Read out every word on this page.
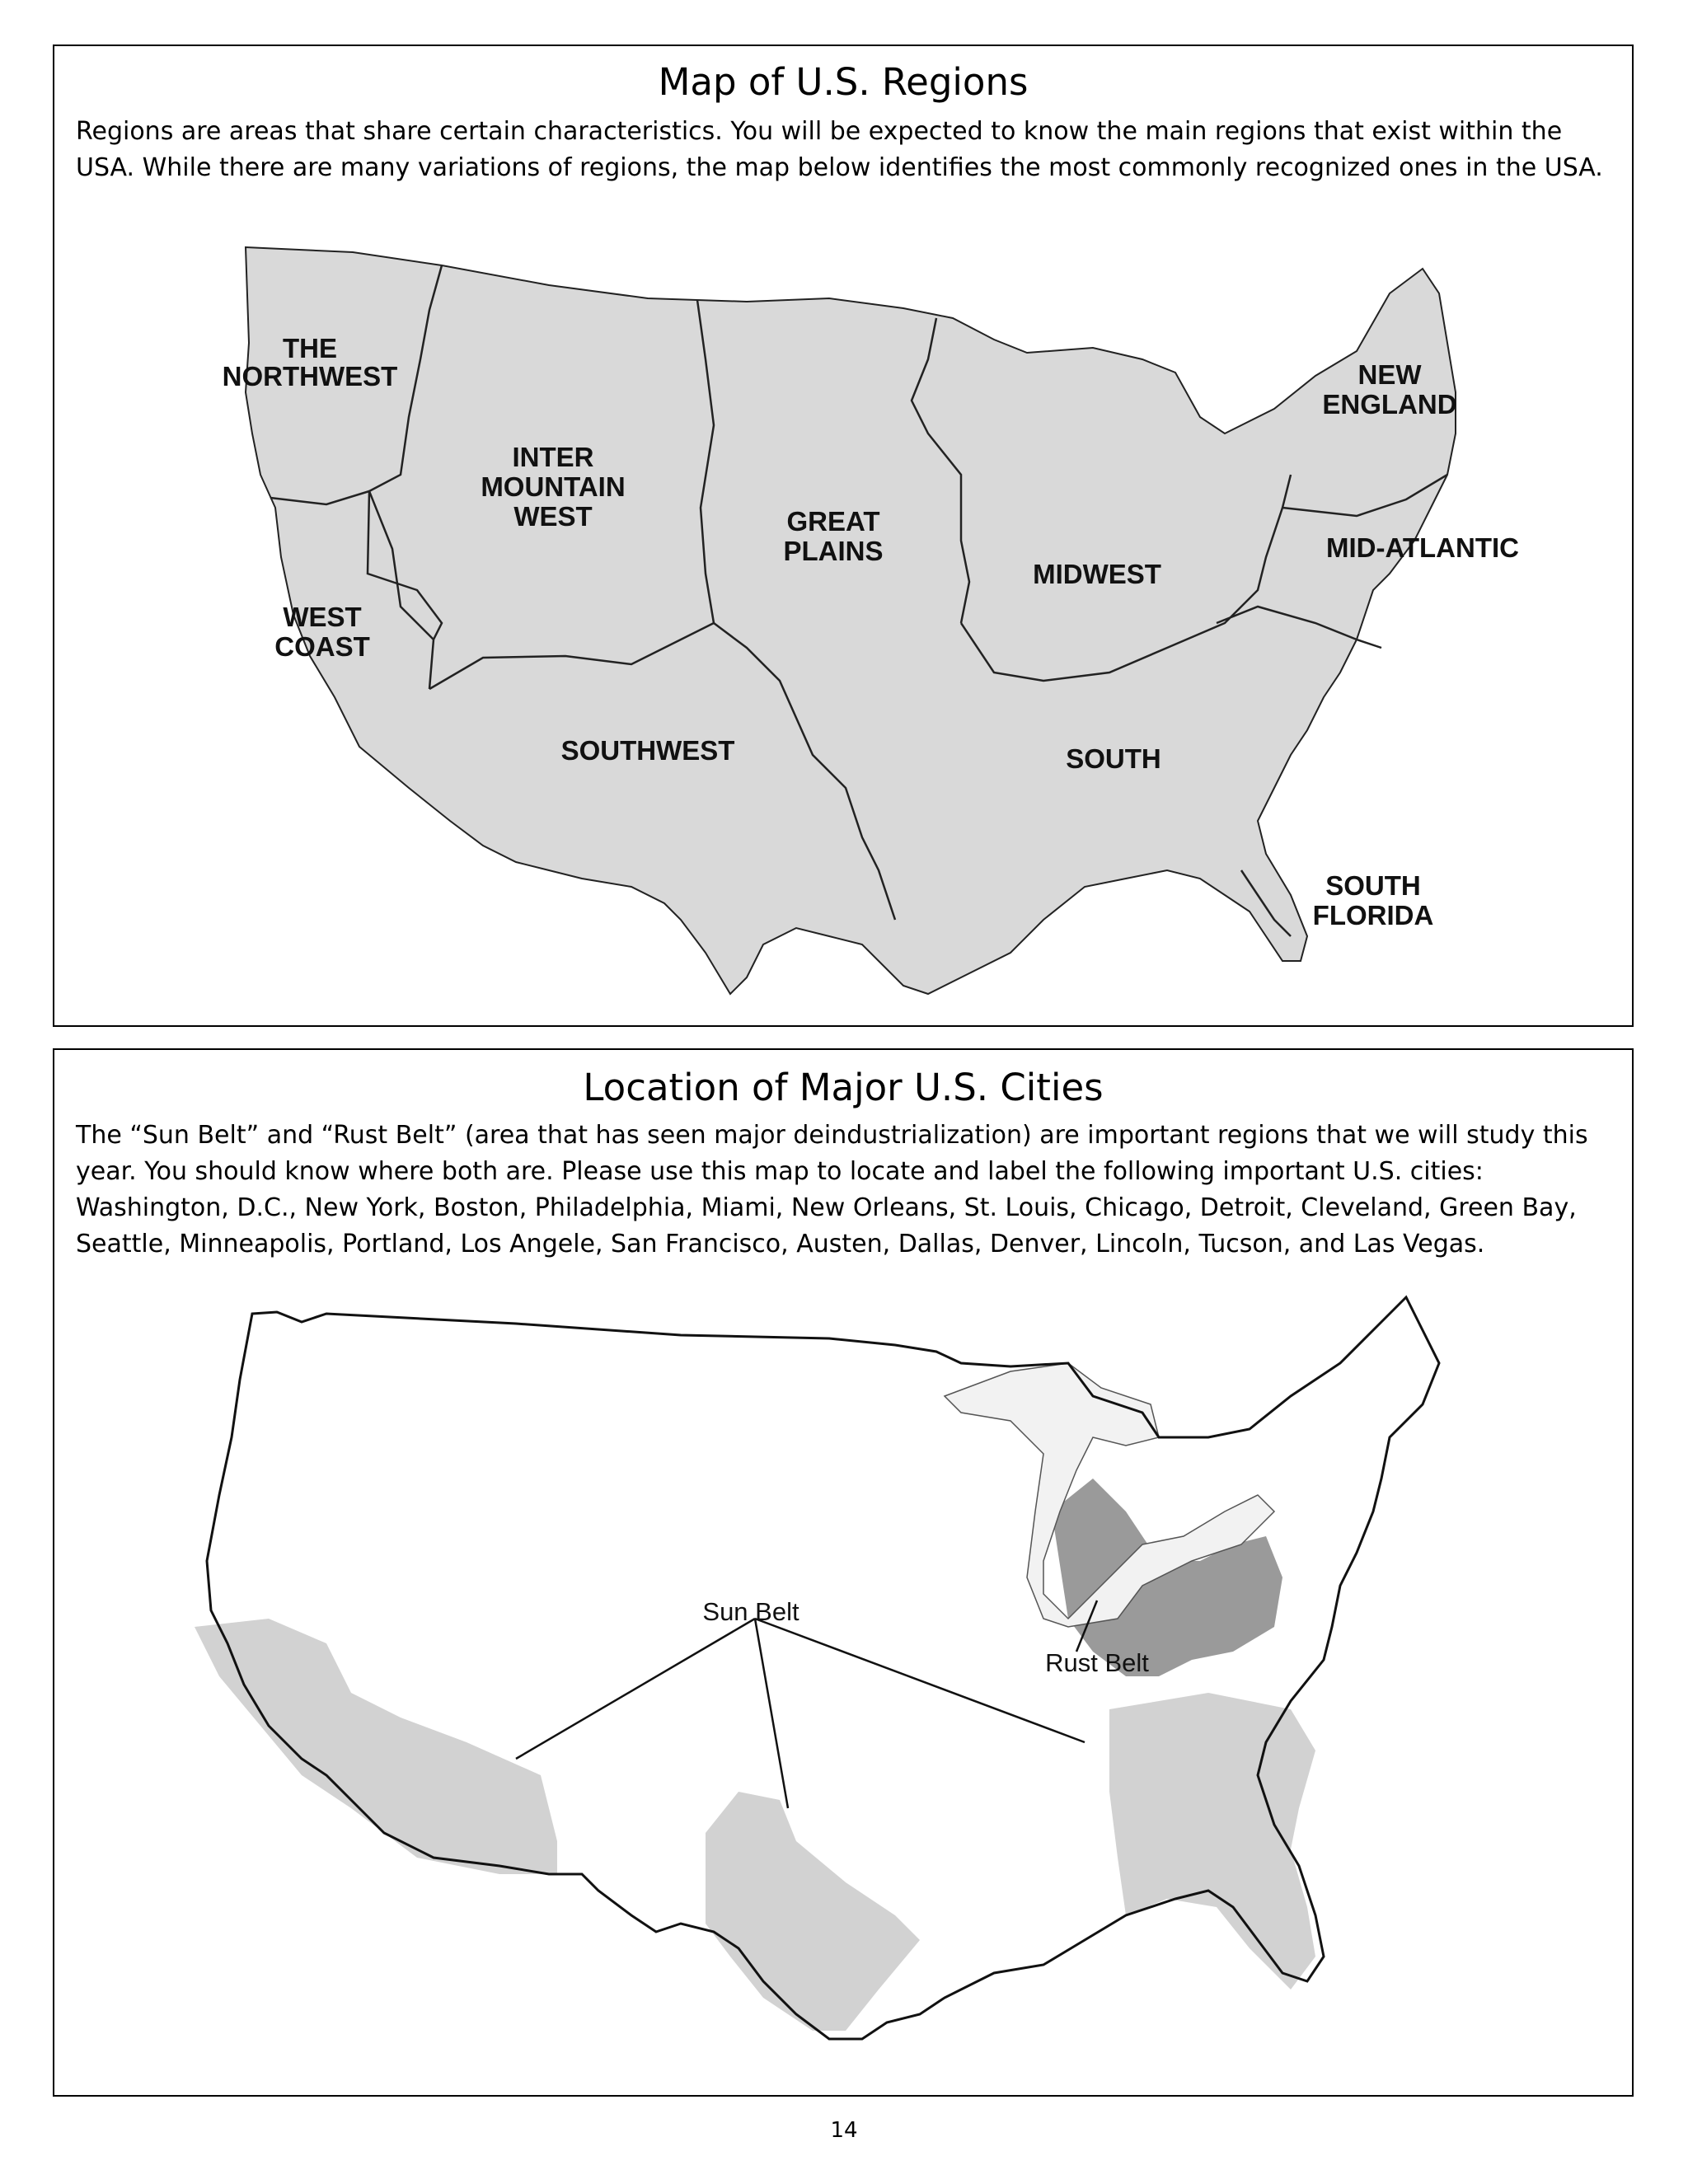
THE
NORTHWEST
INTER
MOUNTAIN
WEST
WEST
COAST
GREAT
PLAINS
MIDWEST
NEW
ENGLAND
MID-ATLANTIC
SOUTHWEST	SOUTH
SOUTH
FLORIDA
Map of U.S. Regions
Regions are areas that share certain characteristics. You will be expected to know the main regions that exist within the USA. While there are many variations of regions, the map below identifies the most commonly recognized ones in the USA.
Sun Belt
Rust Belt
Location of Major U.S. Cities
The “Sun Belt” and “Rust Belt” (area that has seen major deindustrialization) are important regions that we will study this year. You should know where both are. Please use this map to locate and label the following important U.S. cities: Washington, D.C., New York, Boston, Philadelphia, Miami, New Orleans, St. Louis, Chicago, Detroit, Cleveland, Green Bay, Seattle, Minneapolis, Portland, Los Angele, San Francisco, Austen, Dallas, Denver, Lincoln, Tucson, and Las Vegas.
14
